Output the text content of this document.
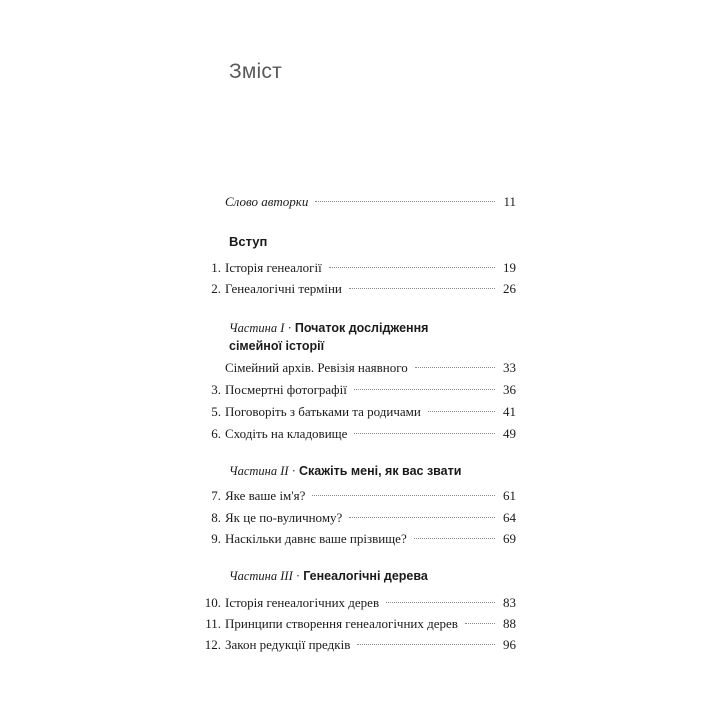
Зміст
Слово авторки	11
Вступ
1. Історія генеалогії	19
2. Генеалогічні терміни	26
Частина І · Початок дослідження сімейної історії
Сімейний архів. Ревізія наявного	33
3. Посмертні фотографії	36
5. Поговоріть з батьками та родичами	41
6. Сходіть на кладовище	49
Частина ІІ · Скажіть мені, як вас звати
7. Яке ваше ім'я?	61
8. Як це по-вуличному?	64
9. Наскільки давнє ваше прізвище?	69
Частина ІІІ · Генеалогічні дерева
10. Історія генеалогічних дерев	83
11. Принципи створення генеалогічних дерев	88
12. Закон редукції предків	96
